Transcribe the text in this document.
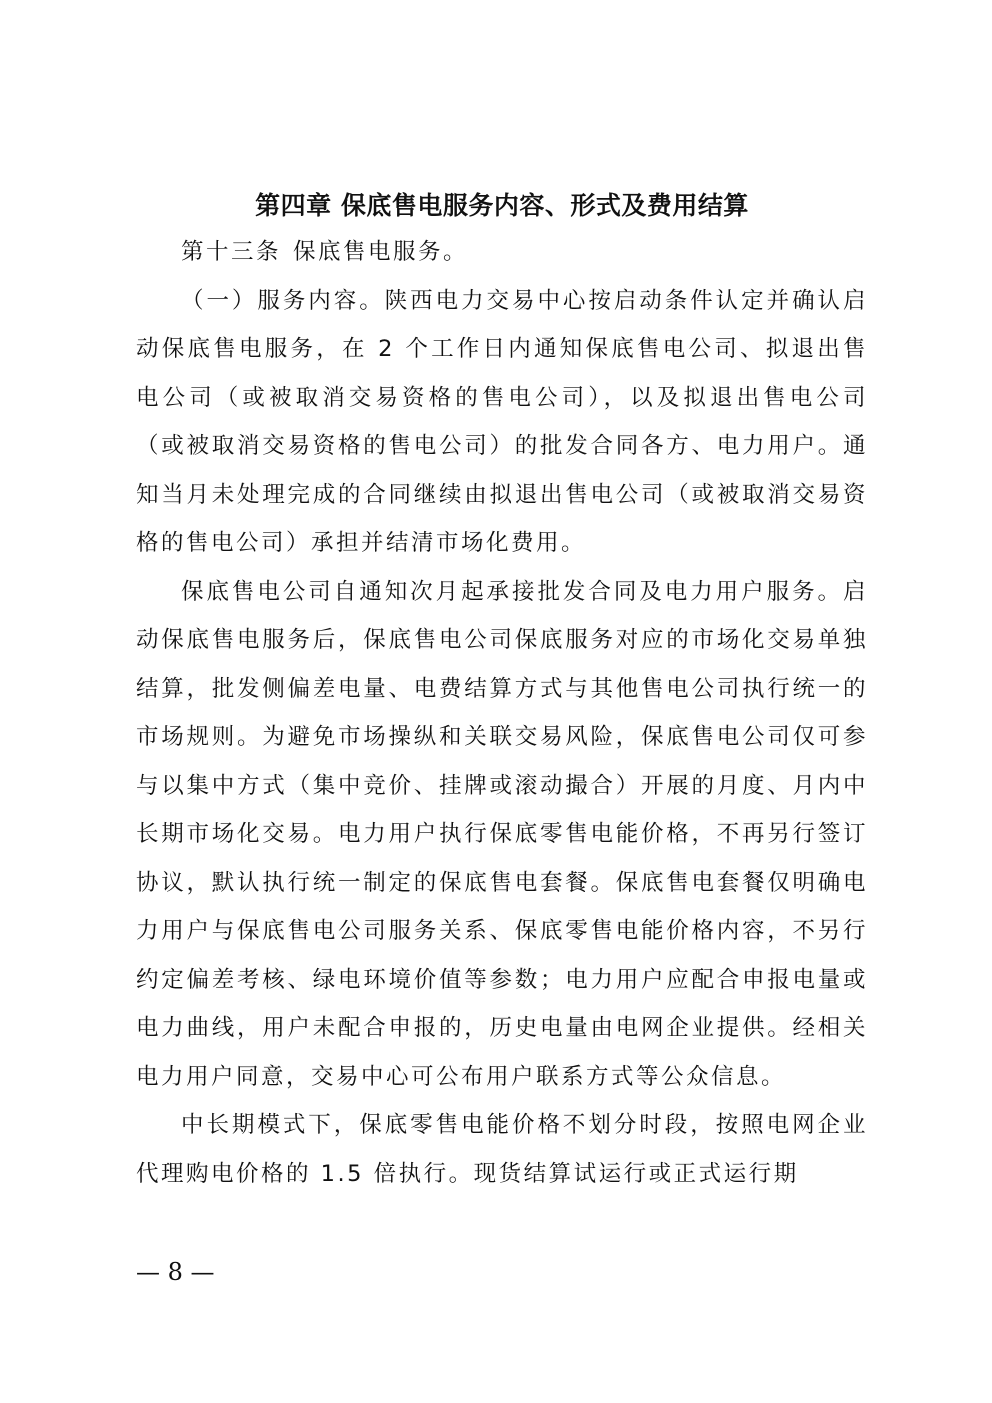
第四章 保底售电服务内容、形式及费用结算

第十三条 保底售电服务。

（一）服务内容。陕西电力交易中心按启动条件认定并确认启动保底售电服务，在 2 个工作日内通知保底售电公司、拟退出售电公司（或被取消交易资格的售电公司），以及拟退出售电公司（或被取消交易资格的售电公司）的批发合同各方、电力用户。通知当月未处理完成的合同继续由拟退出售电公司（或被取消交易资格的售电公司）承担并结清市场化费用。

保底售电公司自通知次月起承接批发合同及电力用户服务。启动保底售电服务后，保底售电公司保底服务对应的市场化交易单独结算，批发侧偏差电量、电费结算方式与其他售电公司执行统一的市场规则。为避免市场操纵和关联交易风险，保底售电公司仅可参与以集中方式（集中竞价、挂牌或滚动撮合）开展的月度、月内中长期市场化交易。电力用户执行保底零售电能价格，不再另行签订协议，默认执行统一制定的保底售电套餐。保底售电套餐仅明确电力用户与保底售电公司服务关系、保底零售电能价格内容，不另行约定偏差考核、绿电环境价值等参数；电力用户应配合申报电量或电力曲线，用户未配合申报的，历史电量由电网企业提供。经相关电力用户同意，交易中心可公布用户联系方式等公众信息。

中长期模式下，保底零售电能价格不划分时段，按照电网企业代理购电价格的 1.5 倍执行。现货结算试运行或正式运行期

— 8 —
